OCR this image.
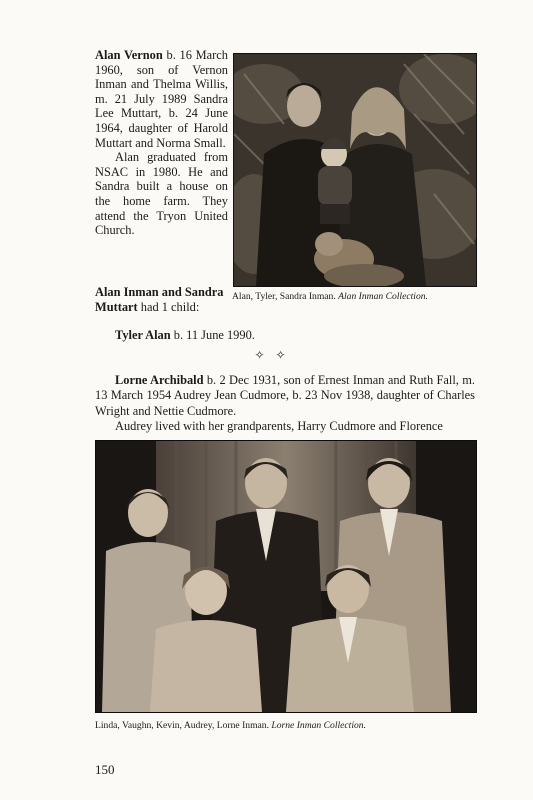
Alan Vernon b. 16 March 1960, son of Vernon Inman and Thelma Willis, m. 21 July 1989 Sandra Lee Muttart, b. 24 June 1964, daughter of Harold Muttart and Norma Small.

Alan graduated from NSAC in 1980. He and Sandra built a house on the home farm. They attend the Tryon United Church.

Alan, Tyler, Sandra Inman. Alan Inman Collection.

Alan Inman and Sandra Muttart had 1 child:

Tyler Alan b. 11 June 1990.
✧ ✧

Lorne Archibald b. 2 Dec 1931, son of Ernest Inman and Ruth Fall, m. 13 March 1954 Audrey Jean Cudmore, b. 23 Nov 1938, daughter of Charles Wright and Nettie Cudmore.

Audrey lived with her grandparents, Harry Cudmore and Florence

Linda, Vaughn, Kevin, Audrey, Lorne Inman. Lorne Inman Collection.
150
